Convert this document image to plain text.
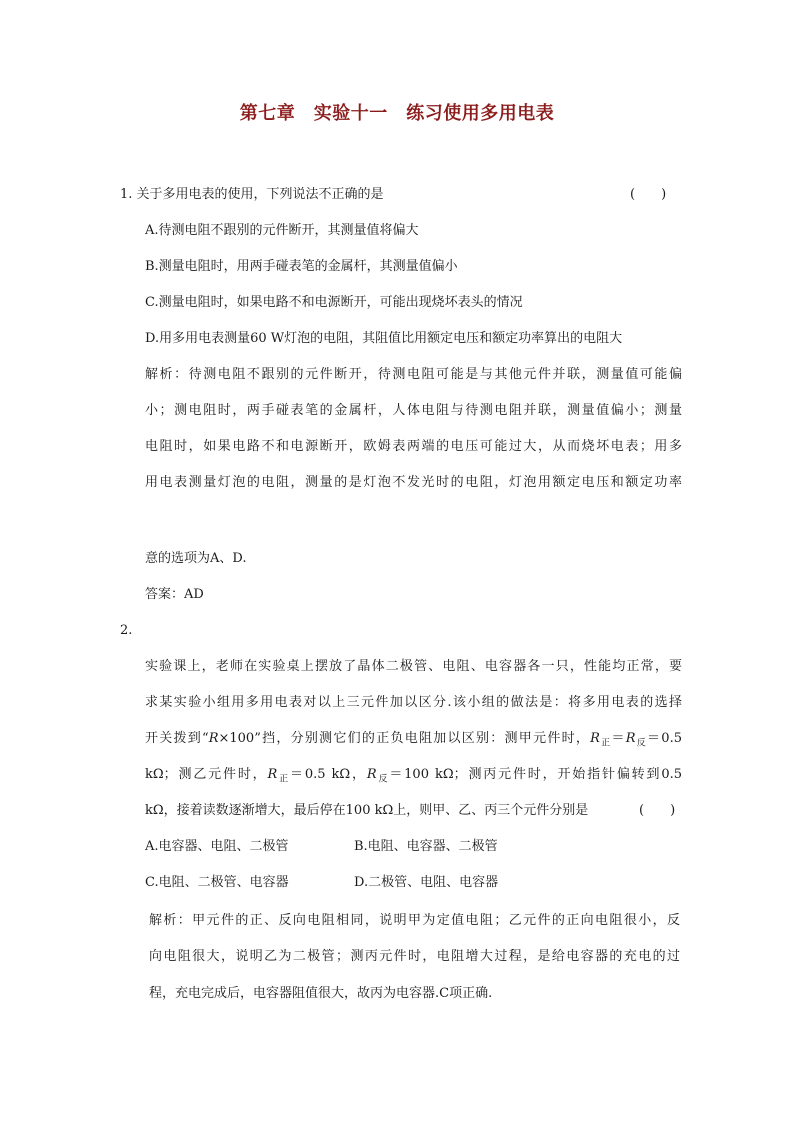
第七章　实验十一　练习使用多用电表
1. 关于多用电表的使用，下列说法不正确的是	(　　)
A.待测电阻不跟别的元件断开，其测量值将偏大
B.测量电阻时，用两手碰表笔的金属杆，其测量值偏小
C.测量电阻时，如果电路不和电源断开，可能出现烧坏表头的情况
D.用多用电表测量60 W灯泡的电阻，其阻值比用额定电压和额定功率算出的电阻大
解析：待测电阻不跟别的元件断开，待测电阻可能是与其他元件并联，测量值可能偏
小；测电阻时，两手碰表笔的金属杆，人体电阻与待测电阻并联，测量值偏小；测量
电阻时，如果电路不和电源断开，欧姆表两端的电压可能过大，从而烧坏电表；用多
用电表测量灯泡的电阻，测量的是灯泡不发光时的电阻，灯泡用额定电压和额定功率
意的选项为A、D.
答案：AD
2.
实验课上，老师在实验桌上摆放了晶体二极管、电阻、电容器各一只，性能均正常，要
求某实验小组用多用电表对以上三元件加以区分.该小组的做法是：将多用电表的选择
开关拨到“R×100”挡，分别测它们的正负电阻加以区别：测甲元件时，$R_正=R_反=0.5$
kΩ；测乙元件时，$R_正=0.5$ kΩ，$R_反=100$ kΩ；测丙元件时，开始指针偏转到0.5
kΩ，接着读数逐渐增大，最后停在100 kΩ上，则甲、乙、丙三个元件分别是	(　　)
A.电容器、电阻、二极管	B.电阻、电容器、二极管
C.电阻、二极管、电容器	D.二极管、电阻、电容器
解析：甲元件的正、反向电阻相同，说明甲为定值电阻；乙元件的正向电阻很小，反
向电阻很大，说明乙为二极管；测丙元件时，电阻增大过程，是给电容器的充电的过
程，充电完成后，电容器阻值很大，故丙为电容器.C项正确.
